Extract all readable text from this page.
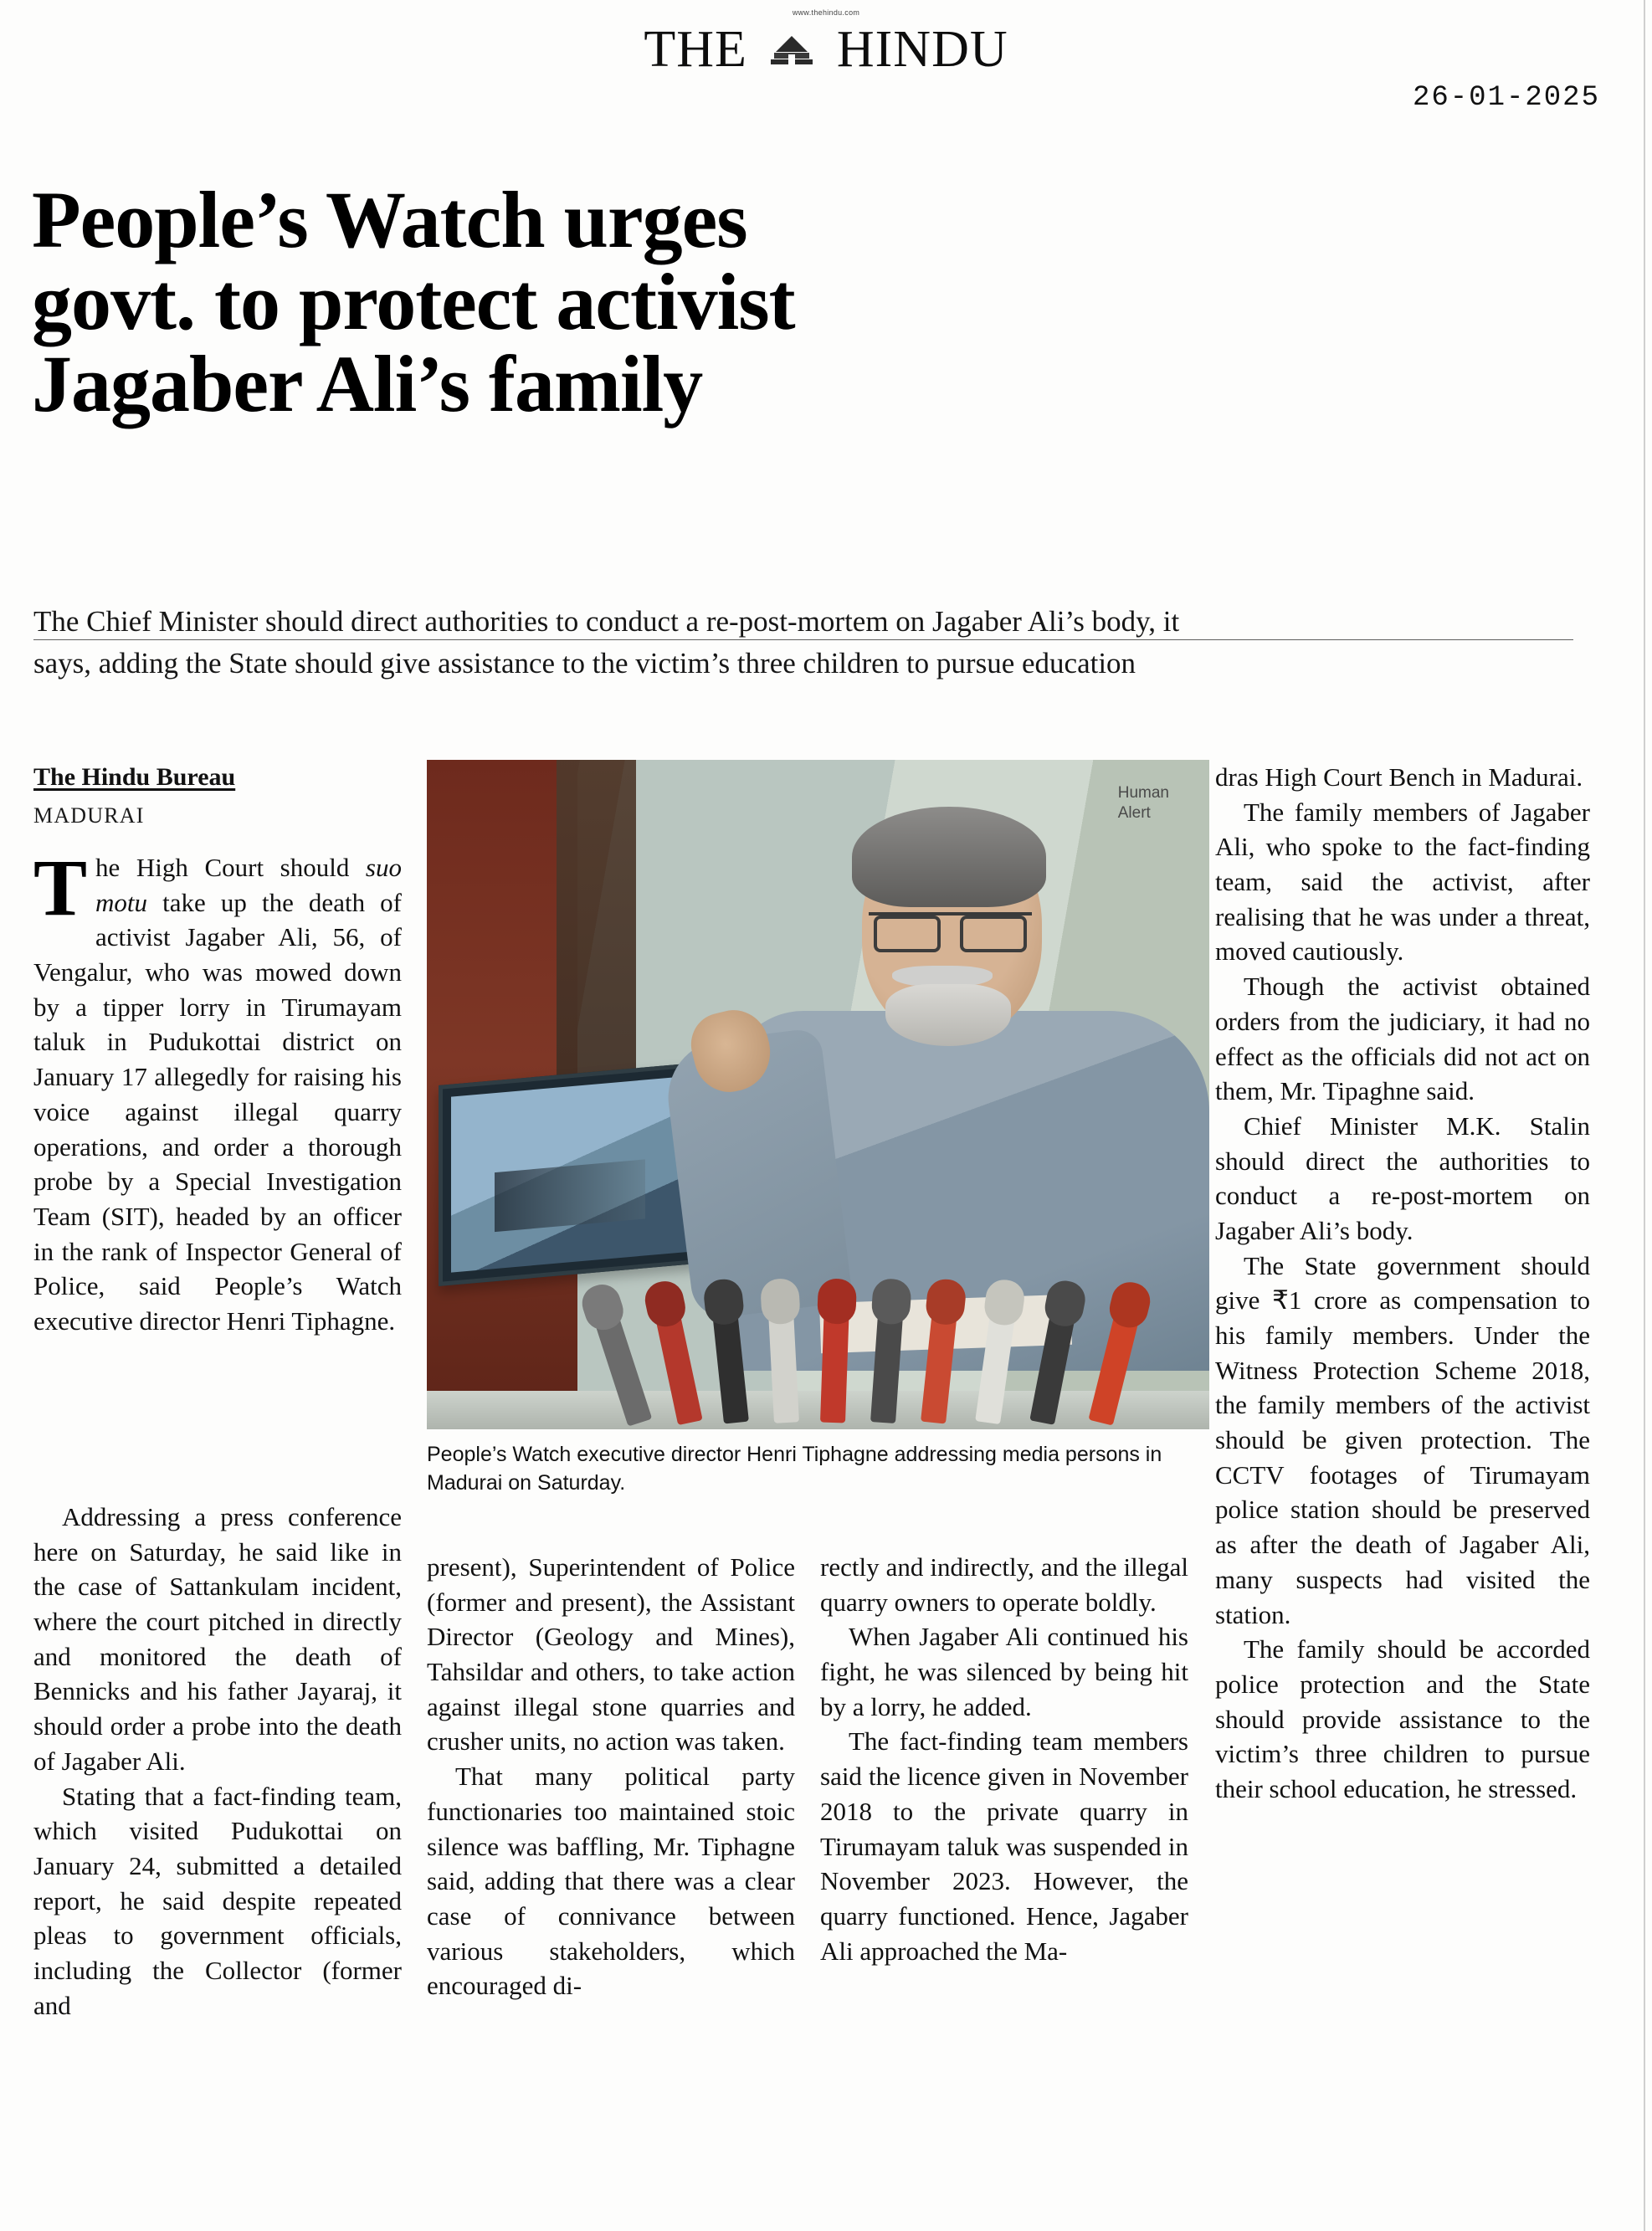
www.thehindu.com
THE HINDU
26-01-2025
People’s Watch urges
govt. to protect activist
Jagaber Ali’s family
The Chief Minister should direct authorities to conduct a re-post-mortem on Jagaber Ali’s body, it
says, adding the State should give assistance to the victim’s three children to pursue education
The Hindu Bureau
MADURAI

The High Court should suo motu take up the death of activist Jagaber Ali, 56, of Vengalur, who was mowed down by a tipper lorry in Tirumayam taluk in Pudukottai district on January 17 allegedly for raising his voice against illegal quarry operations, and order a thorough probe by a Special Investigation Team (SIT), headed by an officer in the rank of Inspector General of Police, said People’s Watch executive director Henri Tiphagne.

Addressing a press conference here on Saturday, he said like in the case of Sattankulam incident, where the court pitched in directly and monitored the death of Bennicks and his father Jayaraj, it should order a probe into the death of Jagaber Ali.

Stating that a fact-finding team, which visited Pudukottai on January 24, submitted a detailed report, he said despite repeated pleas to government officials, including the Collector (former and

Human
Alert
People’s Watch executive director Henri Tiphagne addressing media persons in Madurai on Saturday.

present), Superintendent of Police (former and present), the Assistant Director (Geology and Mines), Tahsildar and others, to take action against illegal stone quarries and crusher units, no action was taken.

That many political party functionaries too maintained stoic silence was baffling, Mr. Tiphagne said, adding that there was a clear case of connivance between various stakeholders, which encouraged di-

rectly and indirectly, and the illegal quarry owners to operate boldly.

When Jagaber Ali continued his fight, he was silenced by being hit by a lorry, he added.

The fact-finding team members said the licence given in November 2018 to the private quarry in Tirumayam taluk was suspended in November 2023. However, the quarry functioned. Hence, Jagaber Ali approached the Ma-

dras High Court Bench in Madurai.

The family members of Jagaber Ali, who spoke to the fact-finding team, said the activist, after realising that he was under a threat, moved cautiously.

Though the activist obtained orders from the judiciary, it had no effect as the officials did not act on them, Mr. Tipaghne said.

Chief Minister M.K. Stalin should direct the authorities to conduct a re-post-mortem on Jagaber Ali’s body.

The State government should give ₹1 crore as compensation to his family members. Under the Witness Protection Scheme 2018, the family members of the activist should be given protection. The CCTV footages of Tirumayam police station should be preserved as after the death of Jagaber Ali, many suspects had visited the station.

The family should be accorded police protection and the State should provide assistance to the victim’s three children to pursue their school education, he stressed.
